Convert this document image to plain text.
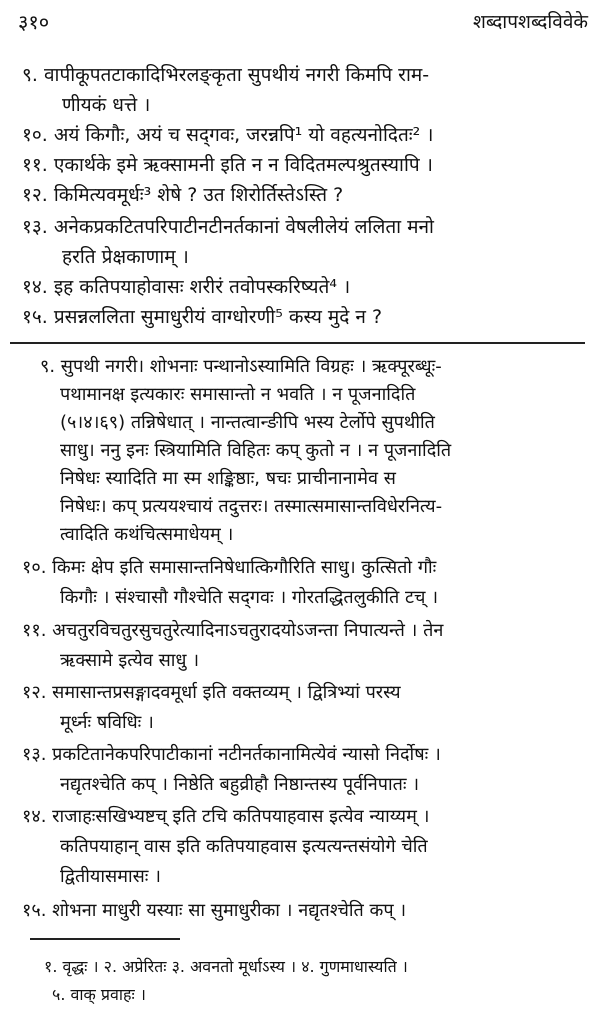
३१०	शब्दापशब्दविवेके
९. वापीकूपतटाकादिभिरलङ्कृता सुपथीयं नगरी किमपि राम-
णीयकं धत्ते ।
१०. अयं किगौः, अयं च सद्‌गवः, जरन्नपि¹ यो वहत्यनोदितः² ।
११. एकार्थके इमे ऋक्सामनी इति न न विदितमल्पश्रुतस्यापि ।
१२. किमित्यवमूर्धः³ शेषे ? उत शिरोर्तिस्तेऽस्ति ?
१३. अनेकप्रकटितपरिपाटीनटीनर्तकानां वेषलीलेयं ललिता मनो
हरति प्रेक्षकाणाम् ।
१४. इह कतिपयाहोवासः शरीरं तवोपस्करिष्यते⁴ ।
१५. प्रसन्नललिता सुमाधुरीयं वाग्धोरणी⁵ कस्य मुदे न ?
९. सुपथी नगरी। शोभनाः पन्थानोऽस्यामिति विग्रहः । ऋक्पूरब्धूः-
पथामानक्ष इत्यकारः समासान्तो न भवति । न पूजनादिति
(५।४।६९) तन्निषेधात् । नान्तत्वान्ङीपि भस्य टेर्लोपे सुपथीति
साधु। ननु इनः स्त्रियामिति विहितः कप् कुतो न । न पूजनादिति
निषेधः स्यादिति मा स्म शङ्किष्ठाः, षचः प्राचीनानामेव स
निषेधः। कप् प्रत्ययश्चायं तदुत्तरः। तस्मात्समासान्तविधेरनित्य-
त्वादिति कथंचित्समाधेयम् ।
१०. किमः क्षेप इति समासान्तनिषेधात्किगौरिति साधु। कुत्सितो गौः
किगौः । संश्चासौ गौश्चेति सद्‌गवः । गोरतद्धितलुकीति टच् ।
११. अचतुरविचतुरसुचतुरेत्यादिनाऽचतुरादयोऽजन्ता निपात्यन्ते । तेन
ऋक्सामे इत्येव साधु ।
१२. समासान्तप्रसङ्गादवमूर्धा इति वक्तव्यम् । द्वित्रिभ्यां परस्य
मूर्ध्नः षविधिः ।
१३. प्रकटितानेकपरिपाटीकानां नटीनर्तकानामित्येवं न्यासो निर्दोषः ।
नद्यृतश्चेति कप् । निष्ठेति बहुव्रीहौ निष्ठान्तस्य पूर्वनिपातः ।
१४. राजाहःसखिभ्यष्टच् इति टचि कतिपयाहवास इत्येव न्याय्यम् ।
कतिपयाहान् वास इति कतिपयाहवास इत्यत्यन्तसंयोगे चेति
द्वितीयासमासः ।
१५. शोभना माधुरी यस्याः सा सुमाधुरीका । नद्यृतश्चेति कप् ।
१. वृद्धः । २. अप्रेरितः ३. अवनतो मूर्धाऽस्य । ४. गुणमाधास्यति ।
५. वाक् प्रवाहः ।
